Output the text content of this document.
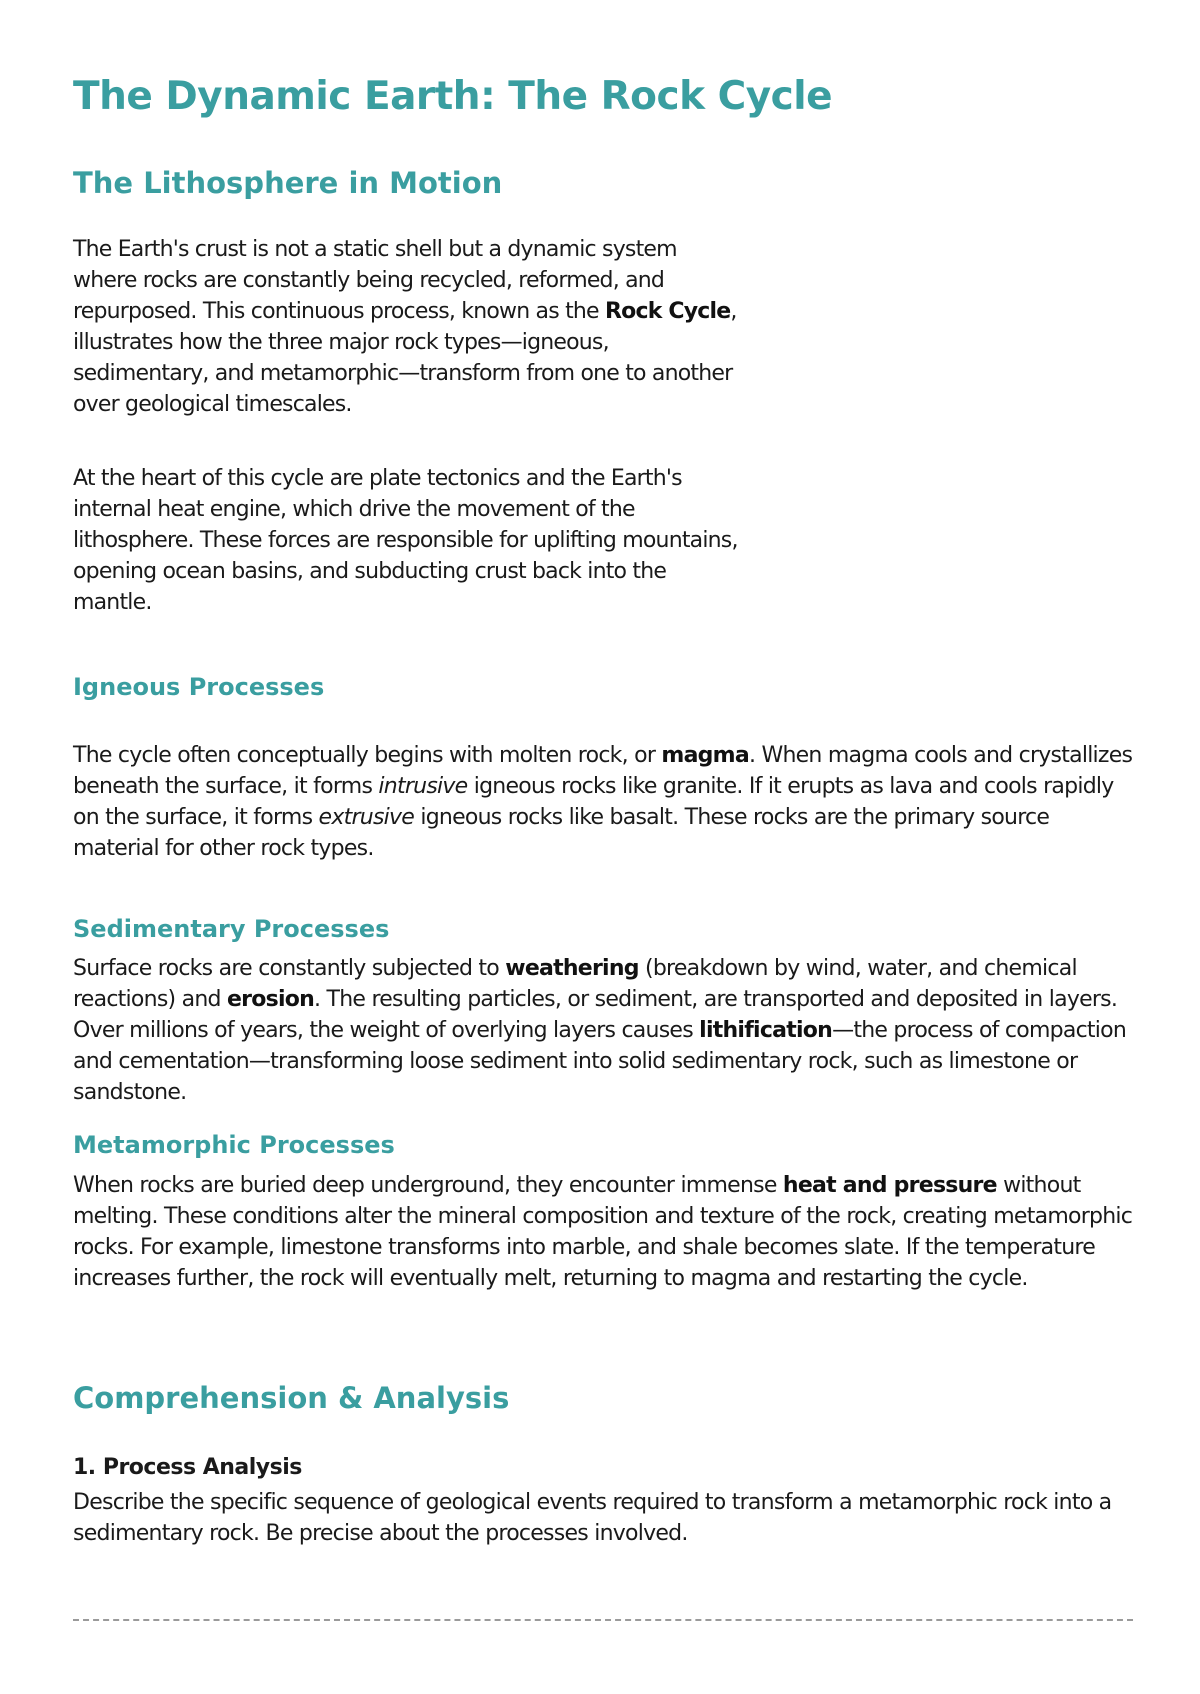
The Dynamic Earth: The Rock Cycle
The Lithosphere in Motion

The Earth's crust is not a static shell but a dynamic system where rocks are constantly being recycled, reformed, and repurposed. This continuous process, known as the Rock Cycle, illustrates how the three major rock types—igneous, sedimentary, and metamorphic—transform from one to another over geological timescales.

At the heart of this cycle are plate tectonics and the Earth's internal heat engine, which drive the movement of the lithosphere. These forces are responsible for uplifting mountains, opening ocean basins, and subducting crust back into the mantle.

Igneous Processes

The cycle often conceptually begins with molten rock, or magma. When magma cools and crystallizes beneath the surface, it forms intrusive igneous rocks like granite. If it erupts as lava and cools rapidly on the surface, it forms extrusive igneous rocks like basalt. These rocks are the primary source material for other rock types.

Sedimentary Processes

Surface rocks are constantly subjected to weathering (breakdown by wind, water, and chemical reactions) and erosion. The resulting particles, or sediment, are transported and deposited in layers. Over millions of years, the weight of overlying layers causes lithification—the process of compaction and cementation—transforming loose sediment into solid sedimentary rock, such as limestone or sandstone.

Metamorphic Processes

When rocks are buried deep underground, they encounter immense heat and pressure without melting. These conditions alter the mineral composition and texture of the rock, creating metamorphic rocks. For example, limestone transforms into marble, and shale becomes slate. If the temperature increases further, the rock will eventually melt, returning to magma and restarting the cycle.

Comprehension & Analysis

1. Process Analysis

Describe the specific sequence of geological events required to transform a metamorphic rock into a sedimentary rock. Be precise about the processes involved.
